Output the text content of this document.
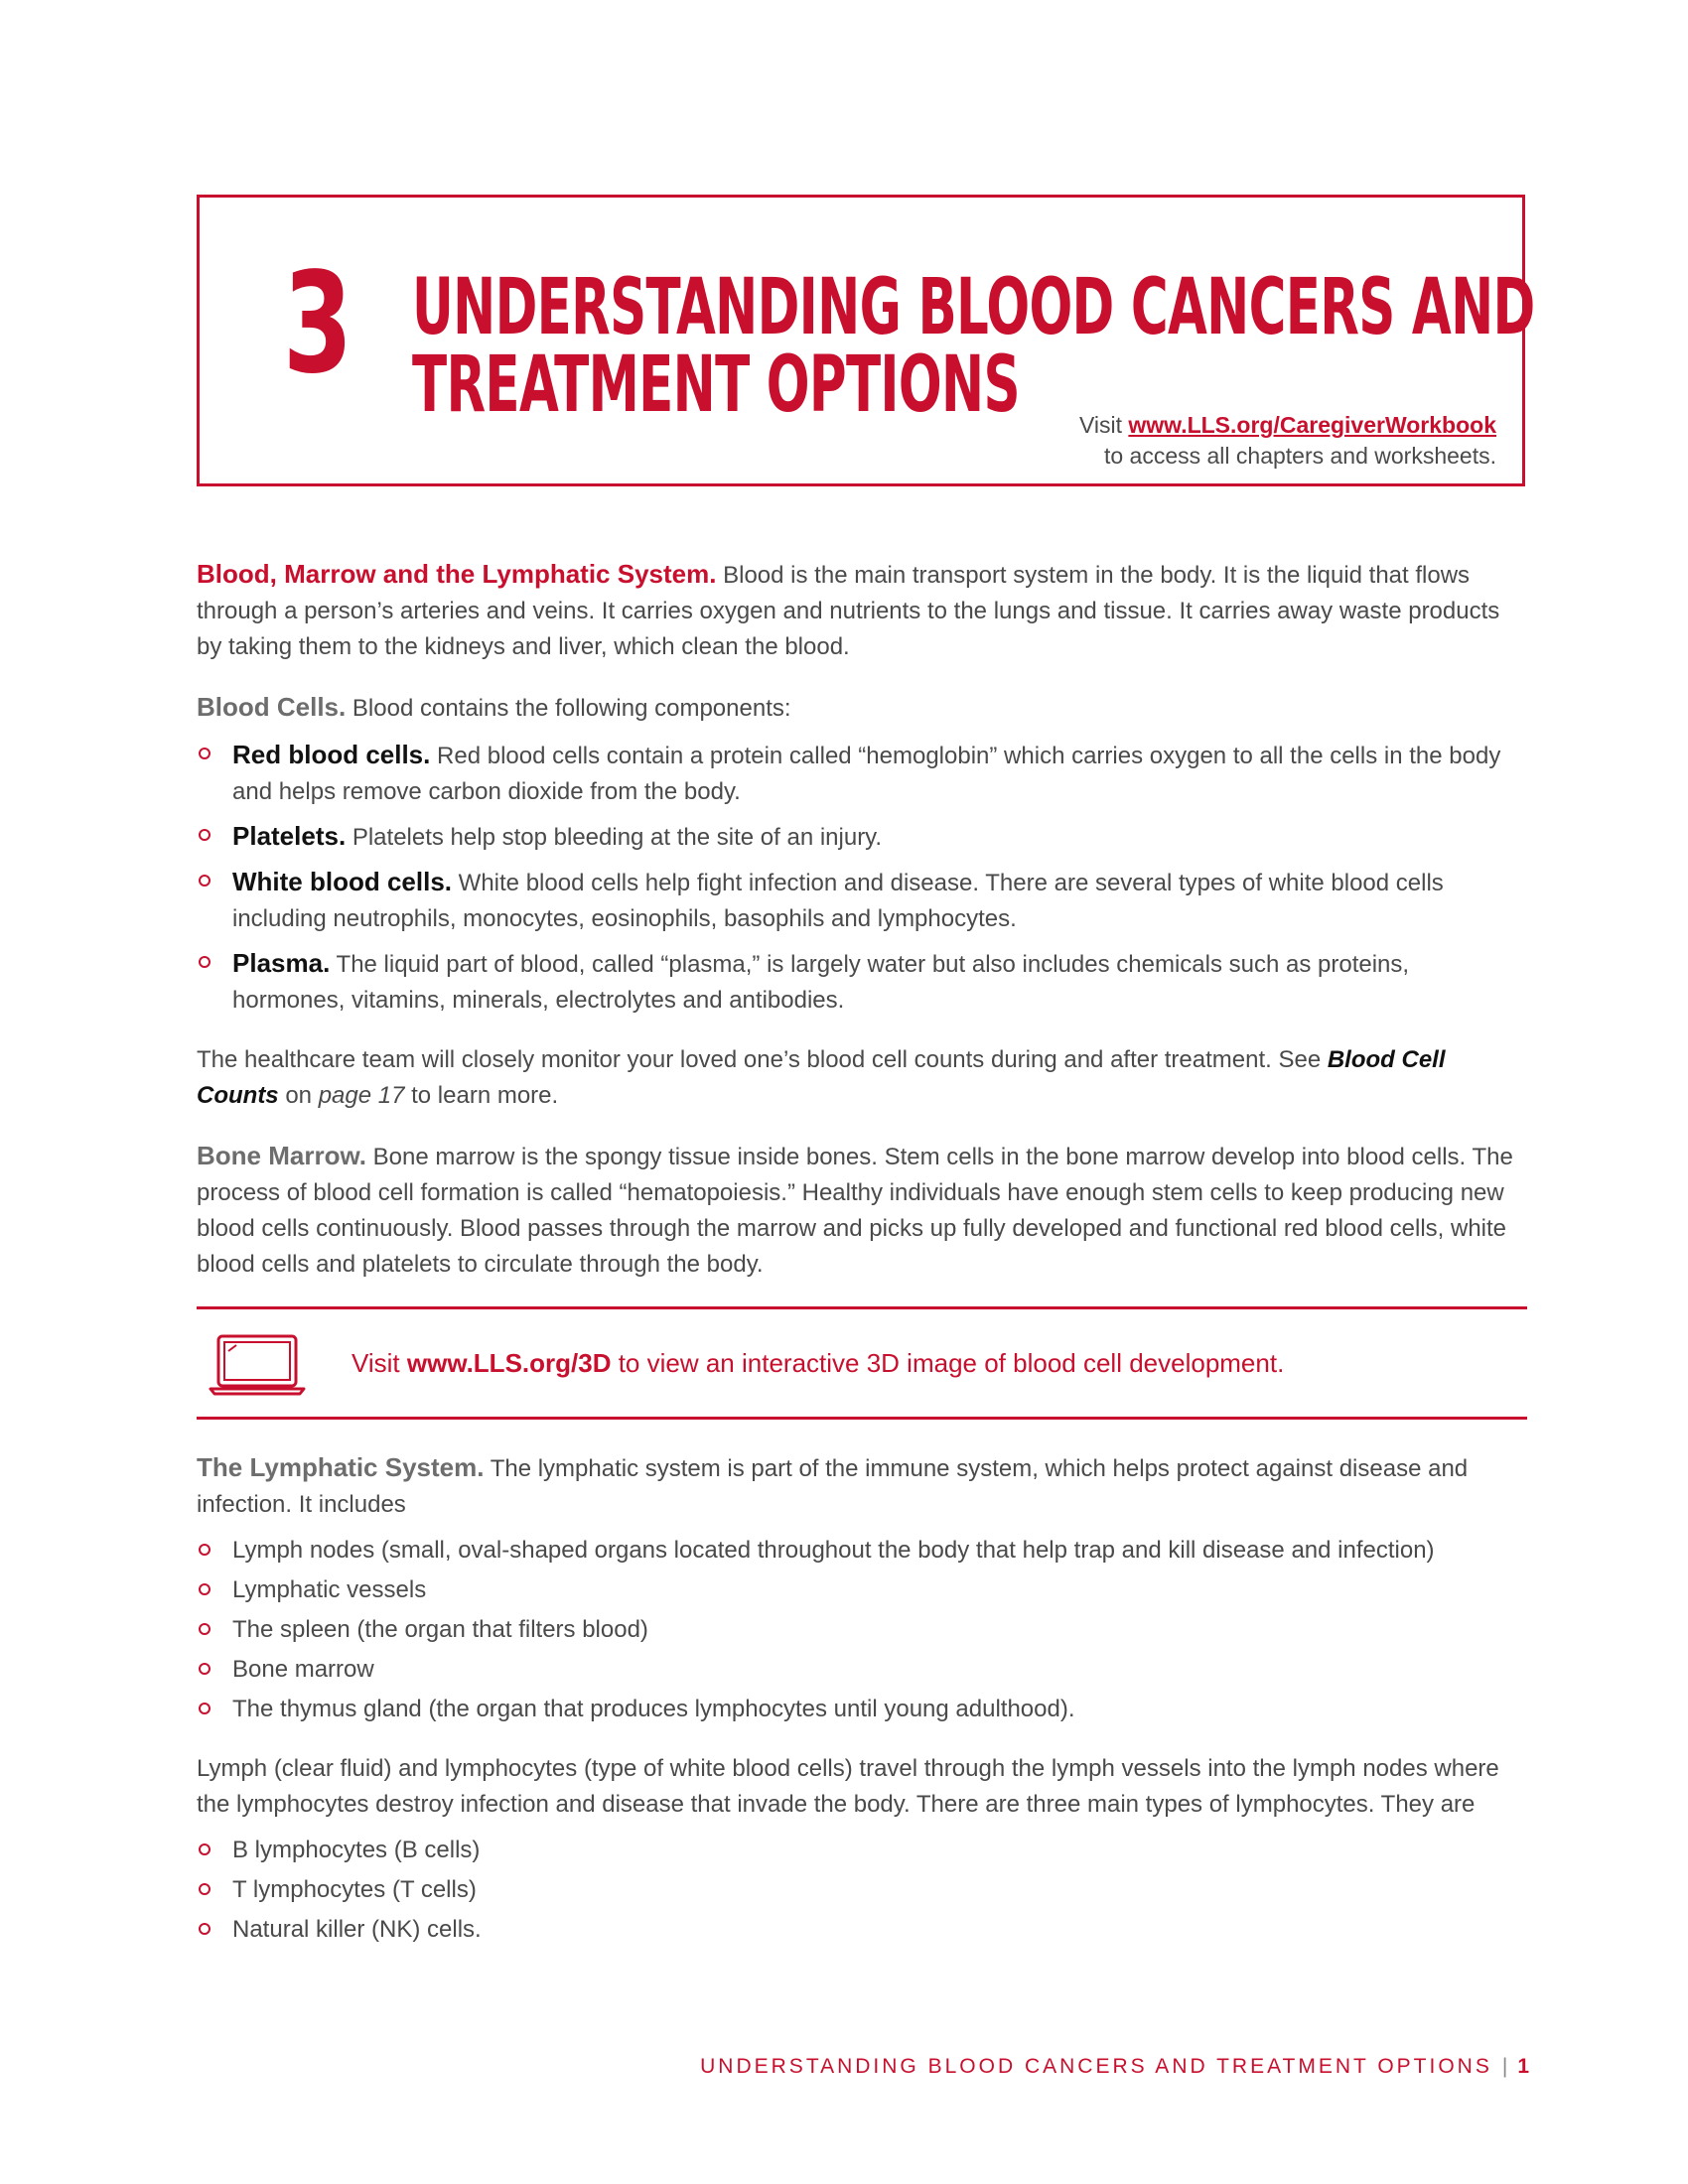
3 UNDERSTANDING BLOOD CANCERS AND
TREATMENT OPTIONS	Visit www.LLS.org/CaregiverWorkbook
to access all chapters and worksheets.

Blood, Marrow and the Lymphatic System. Blood is the main transport system in the body. It is the liquid that flows through a person’s arteries and veins. It carries oxygen and nutrients to the lungs and tissue. It carries away waste products by taking them to the kidneys and liver, which clean the blood.

Blood Cells. Blood contains the following components:

Red blood cells. Red blood cells contain a protein called “hemoglobin” which carries oxygen to all the cells in the body and helps remove carbon dioxide from the body.
Platelets. Platelets help stop bleeding at the site of an injury.
White blood cells. White blood cells help fight infection and disease. There are several types of white blood cells including neutrophils, monocytes, eosinophils, basophils and lymphocytes.
Plasma. The liquid part of blood, called “plasma,” is largely water but also includes chemicals such as proteins, hormones, vitamins, minerals, electrolytes and antibodies.

The healthcare team will closely monitor your loved one’s blood cell counts during and after treatment. See Blood Cell Counts on page 17 to learn more.

Bone Marrow. Bone marrow is the spongy tissue inside bones. Stem cells in the bone marrow develop into blood cells. The process of blood cell formation is called “hematopoiesis.” Healthy individuals have enough stem cells to keep producing new blood cells continuously. Blood passes through the marrow and picks up fully developed and functional red blood cells, white blood cells and platelets to circulate through the body.

Visit www.LLS.org/3D to view an interactive 3D image of blood cell development.

The Lymphatic System. The lymphatic system is part of the immune system, which helps protect against disease and infection. It includes

Lymph nodes (small, oval-shaped organs located throughout the body that help trap and kill disease and infection)
Lymphatic vessels
The spleen (the organ that filters blood)
Bone marrow
The thymus gland (the organ that produces lymphocytes until young adulthood).

Lymph (clear fluid) and lymphocytes (type of white blood cells) travel through the lymph vessels into the lymph nodes where the lymphocytes destroy infection and disease that invade the body. There are three main types of lymphocytes. They are

B lymphocytes (B cells)
T lymphocytes (T cells)
Natural killer (NK) cells.
UNDERSTANDING BLOOD CANCERS AND TREATMENT OPTIONS | 1
